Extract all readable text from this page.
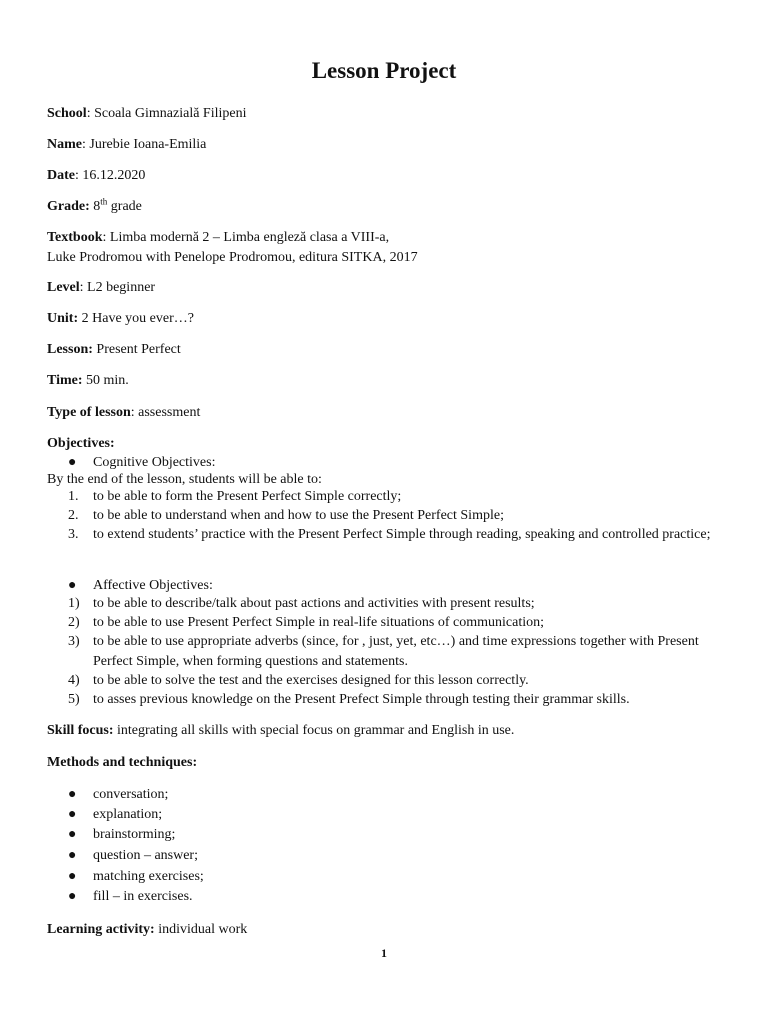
Lesson Project

School: Scoala Gimnazială Filipeni

Name: Jurebie Ioana-Emilia

Date: 16.12.2020

Grade: 8th grade

Textbook: Limba modernă 2 – Limba engleză clasa a VIII-a,
Luke Prodromou with Penelope Prodromou, editura SITKA, 2017

Level: L2 beginner

Unit: 2 Have you ever…?

Lesson: Present Perfect

Time: 50 min.

Type of lesson: assessment

Objectives:
● Cognitive Objectives:
By the end of the lesson, students will be able to:
1. to be able to form the Present Perfect Simple correctly;
2. to be able to understand when and how to use the Present Perfect Simple;
3. to extend students’ practice with the Present Perfect Simple through reading, speaking and controlled practice;
● Affective Objectives:
1) to be able to describe/talk about past actions and activities with present results;
2) to be able to use Present Perfect Simple in real-life situations of communication;
3) to be able to use appropriate adverbs (since, for , just, yet, etc…) and time expressions together with Present Perfect Simple, when forming questions and statements.
4) to be able to solve the test and the exercises designed for this lesson correctly.
5) to asses previous knowledge on the Present Prefect Simple through testing their grammar skills.

Skill focus: integrating all skills with special focus on grammar and English in use.

Methods and techniques:
● conversation;
● explanation;
● brainstorming;
● question – answer;
● matching exercises;
● fill – in exercises.

Learning activity: individual work

1
